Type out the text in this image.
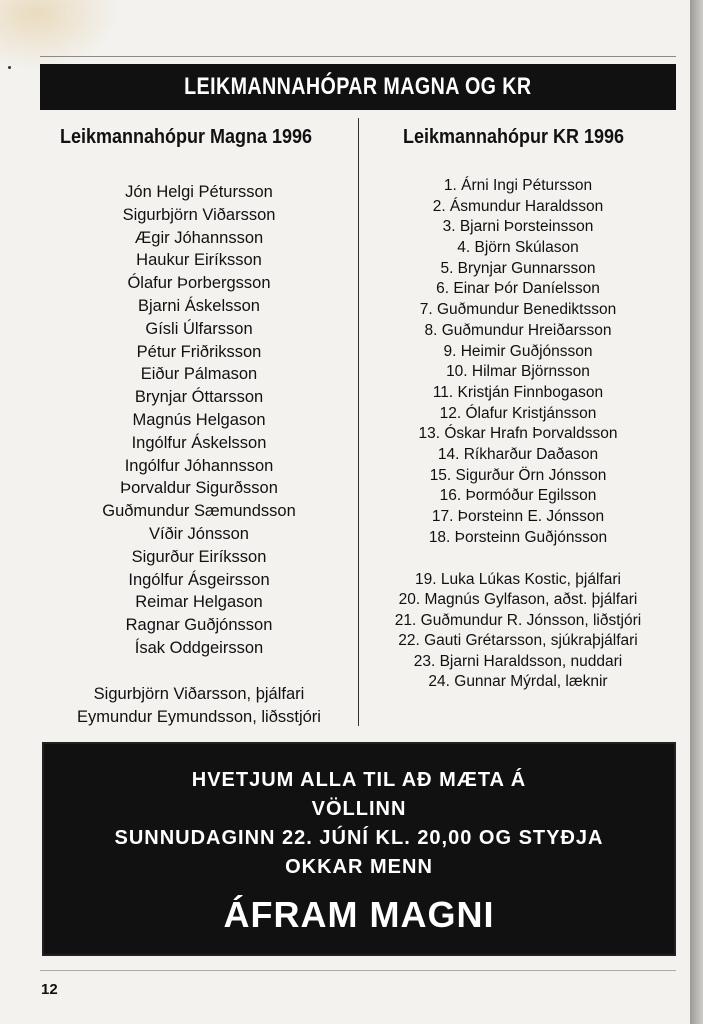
LEIKMANNAHÓPAR MAGNA OG KR
Leikmannahópur Magna 1996	Leikmannahópur KR 1996
Jón Helgi Pétursson
Sigurbjörn Viðarsson
Ægir Jóhannsson
Haukur Eiríksson
Ólafur Þorbergsson
Bjarni Áskelsson
Gísli Úlfarsson
Pétur Friðriksson
Eiður Pálmason
Brynjar Óttarsson
Magnús Helgason
Ingólfur Áskelsson
Ingólfur Jóhannsson
Þorvaldur Sigurðsson
Guðmundur Sæmundsson
Víðir Jónsson
Sigurður Eiríksson
Ingólfur Ásgeirsson
Reimar Helgason
Ragnar Guðjónsson
Ísak Oddgeirsson
Sigurbjörn Viðarsson, þjálfari
Eymundur Eymundsson, liðsstjóri
1. Árni Ingi Pétursson
2. Ásmundur Haraldsson
3. Bjarni Þorsteinsson
4. Björn Skúlason
5. Brynjar Gunnarsson
6. Einar Þór Daníelsson
7. Guðmundur Benediktsson
8. Guðmundur Hreiðarsson
9. Heimir Guðjónsson
10. Hilmar Björnsson
11. Kristján Finnbogason
12. Ólafur Kristjánsson
13. Óskar Hrafn Þorvaldsson
14. Ríkharður Daðason
15. Sigurður Örn Jónsson
16. Þormóður Egilsson
17. Þorsteinn E. Jónsson
18. Þorsteinn Guðjónsson
19. Luka Lúkas Kostic, þjálfari
20. Magnús Gylfason, aðst. þjálfari
21. Guðmundur R. Jónsson, liðstjóri
22. Gauti Grétarsson, sjúkraþjálfari
23. Bjarni Haraldsson, nuddari
24. Gunnar Mýrdal, læknir
HVETJUM ALLA TIL AÐ MÆTA Á
VÖLLINN
SUNNUDAGINN 22. JÚNÍ KL. 20,00 OG STYÐJA
OKKAR MENN
ÁFRAM MAGNI
12
